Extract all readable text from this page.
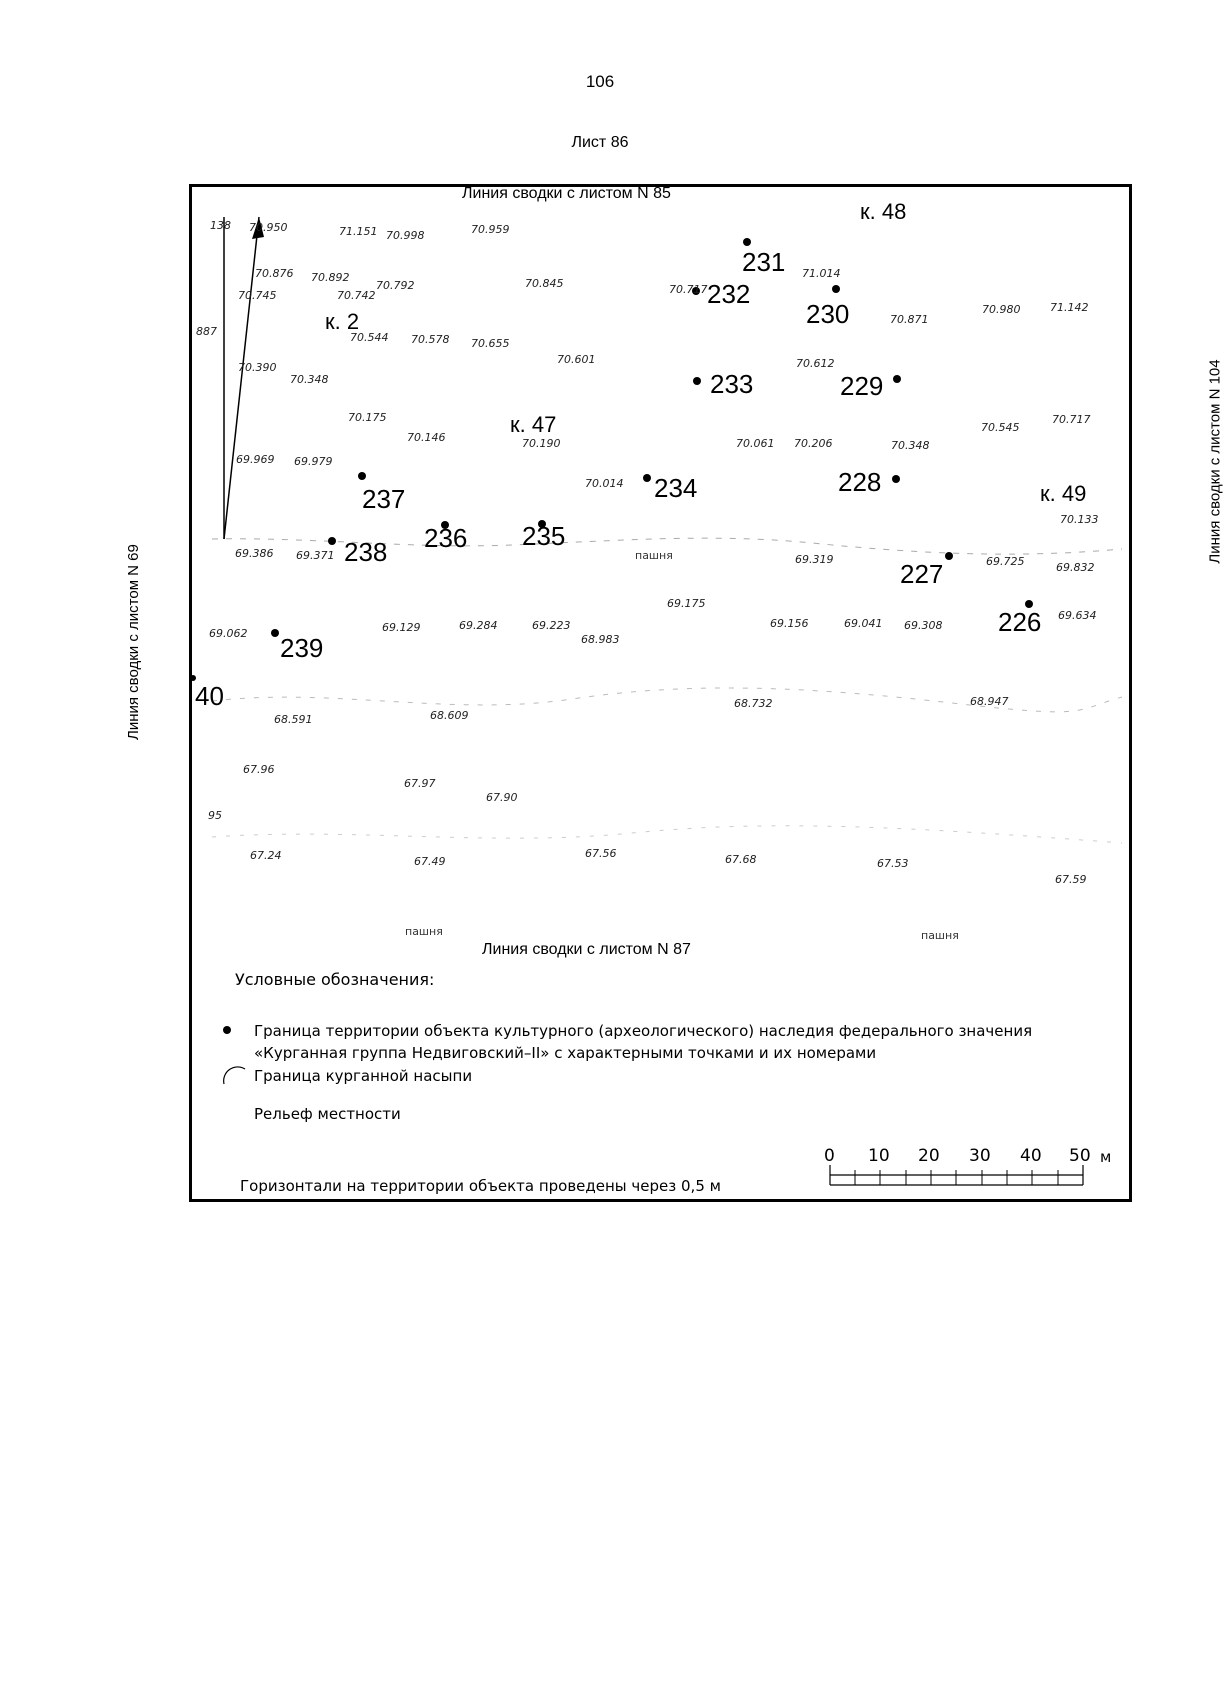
106
Лист 86
Линия сводки с листом N 85
Линия сводки с листом N 87
Линия сводки с листом N 69
Линия сводки с листом N 104
к. 2
к. 47
к. 48
к. 49
231
232
230
233	229
237	234	228
238 236 235
227
226
239
40
70.950	71.151 70.998	70.959
70.876 70.892
70.792
70.742
70.745
70.845	70.717
71.014
70.871
70.980	71.142
70.544 70.578 70.655
70.601	70.612
70.390
70.348
70.175
70.146	70.190	70.061 70.206	70.348
70.545
70.717
69.969 69.979
70.014
70.133
69.386 69.371	69.319	69.725	69.832
69.175
69.062	69.129	69.284	69.223
68.983
69.156	69.041 69.308
69.634
68.591	68.609
68.732	68.947
67.96
67.97
67.90
67.24	67.49
67.56	67.68	67.53
67.59
887
138
95
пашня
пашня	пашня
Условные обозначения:
Граница территории объекта культурного (археологического) наследия федерального значения
«Курганная группа Недвиговский–II» с характерными точками и их номерами
Граница курганной насыпи
Рельеф местности
Горизонтали на территории объекта проведены через 0,5 м
0 10 20 30 40 50 м
